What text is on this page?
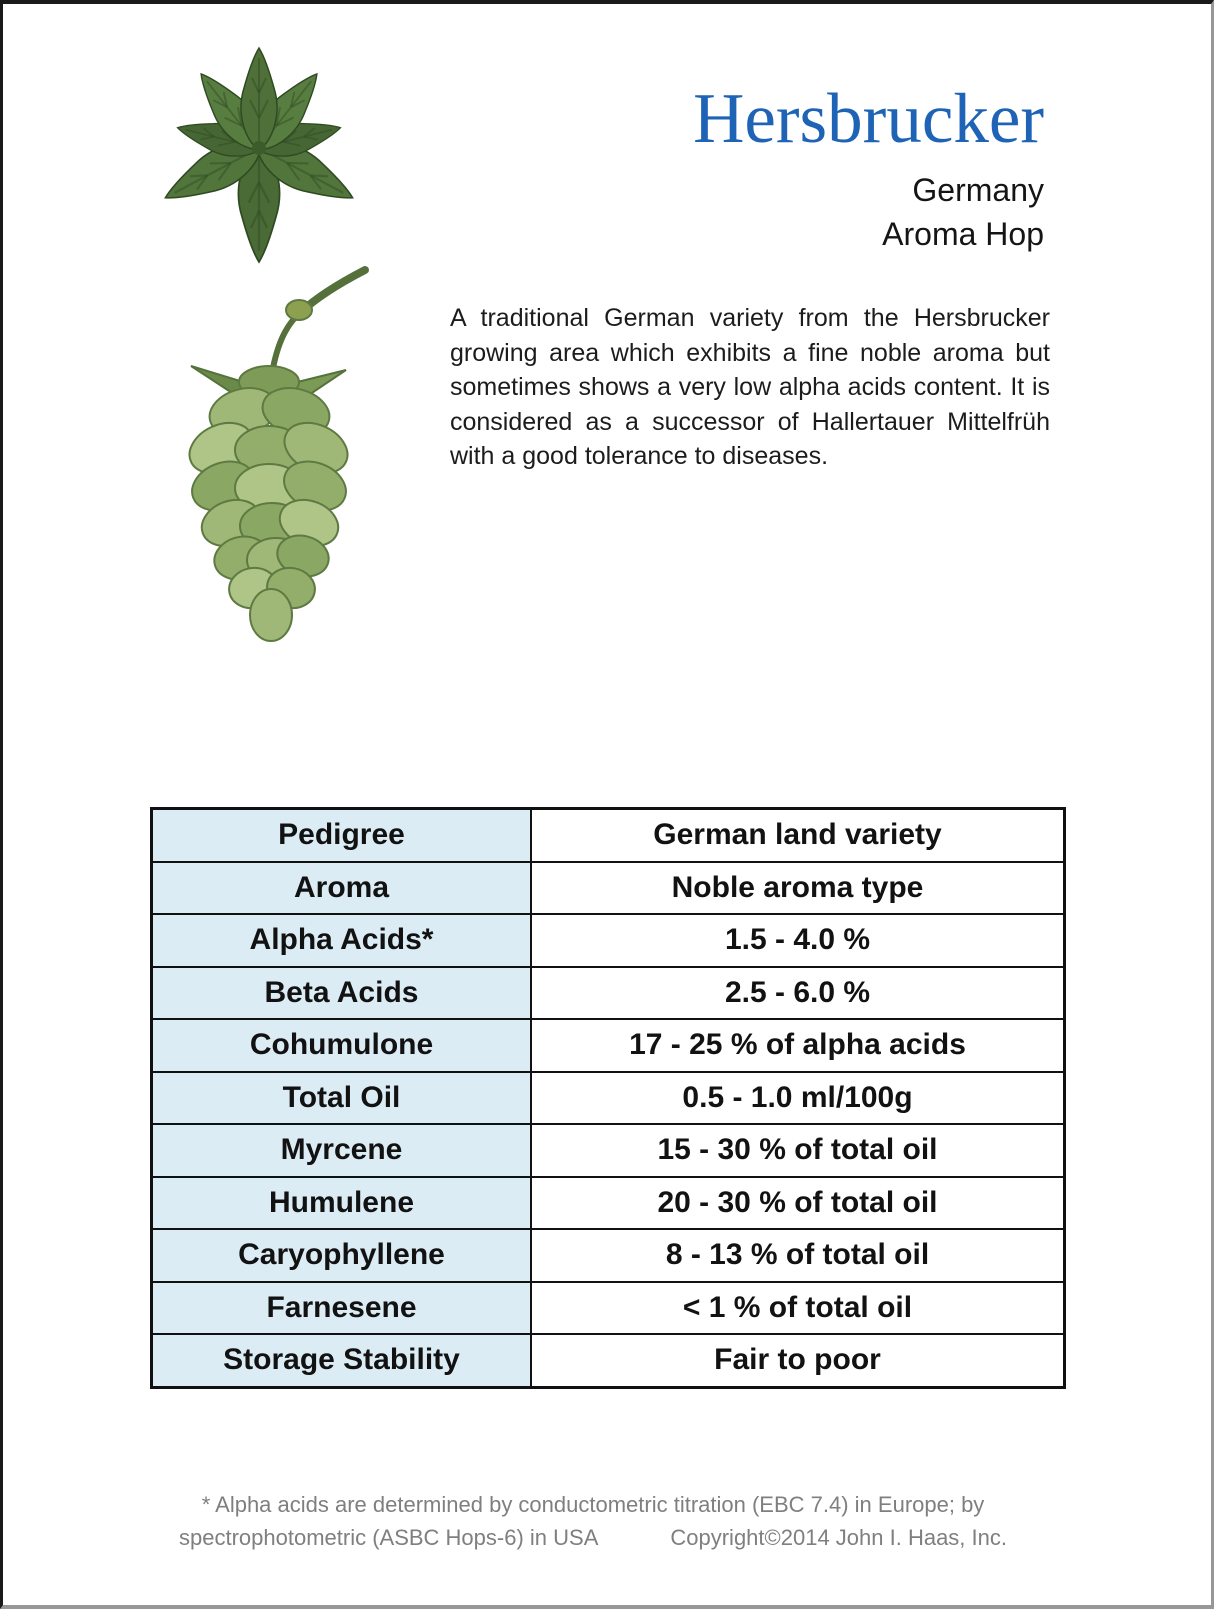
Hersbrucker
Germany
Aroma Hop

A traditional German variety from the Hersbrucker growing area which exhibits a fine noble aroma but sometimes shows a very low alpha acids content. It is considered as a successor of Hallertauer Mittelfrüh with a good tolerance to diseases.

Pedigree	German land variety
Aroma	Noble aroma type
Alpha Acids*	1.5 - 4.0 %
Beta Acids	2.5 - 6.0 %
Cohumulone	17 - 25 % of alpha acids
Total Oil	0.5 - 1.0 ml/100g
Myrcene	15 - 30 % of total oil
Humulene	20 - 30 % of total oil
Caryophyllene	8 - 13 % of total oil
Farnesene	< 1 % of total oil
Storage Stability	Fair to poor
* Alpha acids are determined by conductometric titration (EBC 7.4) in Europe; by
spectrophotometric (ASBC Hops-6) in USA	Copyright©2014 John I. Haas, Inc.
